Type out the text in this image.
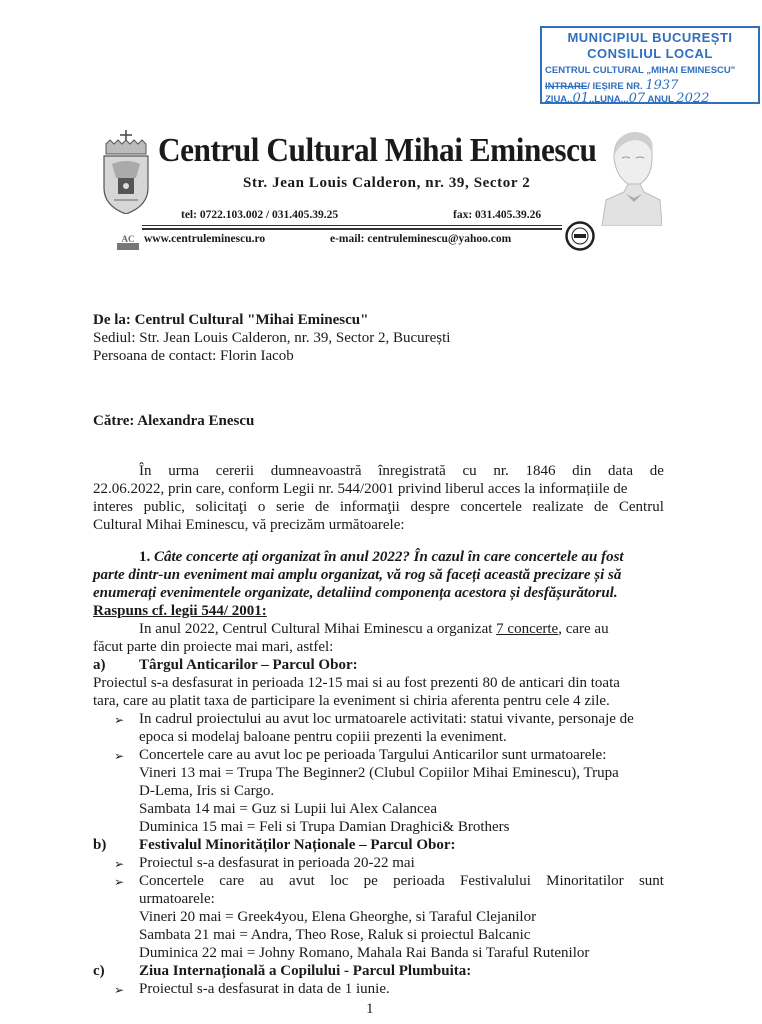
MUNICIPIUL BUCUREȘTI
CONSILIUL LOCAL
CENTRUL CULTURAL „MIHAI EMINESCU"
INTRARE/ IEȘIRE NR. 1937
ZIUA..01..LUNA...07 ANUL 2022
Centrul Cultural Mihai Eminescu
Str. Jean Louis Calderon, nr. 39, Sector 2
tel: 0722.103.002 / 031.405.39.25	fax: 031.405.39.26
AC www.centruleminescu.ro	e-mail: centruleminescu@yahoo.com
De la: Centrul Cultural "Mihai Eminescu"
Sediul: Str. Jean Louis Calderon, nr. 39, Sector 2, București
Persoana de contact: Florin Iacob
Către: Alexandra Enescu
În urma cererii dumneavoastră înregistrată cu nr. 1846 din data de
22.06.2022, prin care, conform Legii nr. 544/2001 privind liberul acces la informațiile de
interes public, solicitaţi o serie de informaţii despre concertele realizate de Centrul
Cultural Mihai Eminescu, vă precizăm următoarele:
1. Câte concerte ați organizat în anul 2022? În cazul în care concertele au fost
parte dintr-un eveniment mai amplu organizat, vă rog să faceți această precizare și să
enumerați evenimentele organizate, detaliind componența acestora și desfășurătorul.
Raspuns cf. legii 544/ 2001:
In anul 2022, Centrul Cultural Mihai Eminescu a organizat 7 concerte, care au
făcut parte din proiecte mai mari, astfel:
a) Târgul Anticarilor – Parcul Obor:
Proiectul s-a desfasurat in perioada 12-15 mai si au fost prezenti 80 de anticari din toata
tara, care au platit taxa de participare la eveniment si chiria aferenta pentru cele 4 zile.
➢ In cadrul proiectului au avut loc urmatoarele activitati: statui vivante, personaje de
epoca si modelaj baloane pentru copiii prezenti la eveniment.
➢ Concertele care au avut loc pe perioada Targului Anticarilor sunt urmatoarele:
Vineri 13 mai = Trupa The Beginner2 (Clubul Copiilor Mihai Eminescu), Trupa
D-Lema, Iris si Cargo.
Sambata 14 mai = Guz si Lupii lui Alex Calancea
Duminica 15 mai = Feli si Trupa Damian Draghici& Brothers
b) Festivalul Minorităților Naționale – Parcul Obor:
➢ Proiectul s-a desfasurat in perioada 20-22 mai
➢ Concertele care au avut loc pe perioada Festivalului Minoritatilor sunt
urmatoarele:
Vineri 20 mai = Greek4you, Elena Gheorghe, si Taraful Clejanilor
Sambata 21 mai = Andra, Theo Rose, Raluk si proiectul Balcanic
Duminica 22 mai = Johny Romano, Mahala Rai Banda si Taraful Rutenilor
c) Ziua Internațională a Copilului - Parcul Plumbuita:
➢ Proiectul s-a desfasurat in data de 1 iunie.
1
